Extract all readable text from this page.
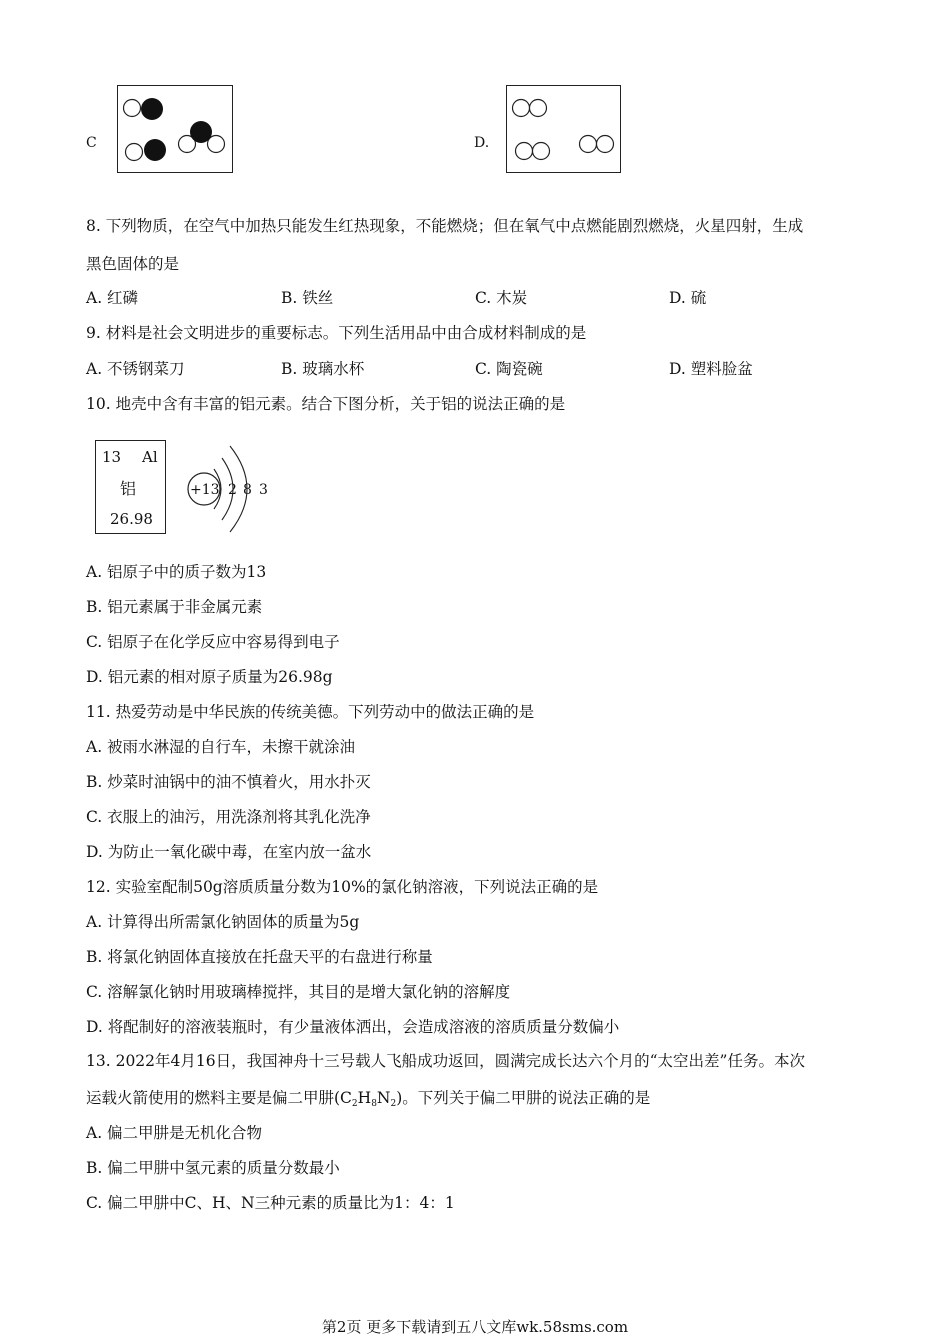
C	D.
8. 下列物质，在空气中加热只能发生红热现象，不能燃烧；但在氧气中点燃能剧烈燃烧，火星四射，生成
黑色固体的是
A. 红磷	B. 铁丝	C. 木炭	D. 硫
9. 材料是社会文明进步的重要标志。下列生活用品中由合成材料制成的是
A. 不锈钢菜刀	B. 玻璃水杯	C. 陶瓷碗	D. 塑料脸盆
10. 地壳中含有丰富的铝元素。结合下图分析，关于铝的说法正确的是
13 Al
铝
26.98
+13 2 8 3
A. 铝原子中的质子数为13
B. 铝元素属于非金属元素
C. 铝原子在化学反应中容易得到电子
D. 铝元素的相对原子质量为26.98g
11. 热爱劳动是中华民族的传统美德。下列劳动中的做法正确的是
A. 被雨水淋湿的自行车，未擦干就涂油
B. 炒菜时油锅中的油不慎着火，用水扑灭
C. 衣服上的油污，用洗涤剂将其乳化洗净
D. 为防止一氧化碳中毒，在室内放一盆水
12. 实验室配制50g溶质质量分数为10%的氯化钠溶液，下列说法正确的是
A. 计算得出所需氯化钠固体的质量为5g
B. 将氯化钠固体直接放在托盘天平的右盘进行称量
C. 溶解氯化钠时用玻璃棒搅拌，其目的是增大氯化钠的溶解度
D. 将配制好的溶液装瓶时，有少量液体洒出，会造成溶液的溶质质量分数偏小
13. 2022年4月16日，我国神舟十三号载人飞船成功返回，圆满完成长达六个月的“太空出差”任务。本次
运载火箭使用的燃料主要是偏二甲肼$(C_2H_8N_2)$。下列关于偏二甲肼的说法正确的是
A. 偏二甲肼是无机化合物
B. 偏二甲肼中氢元素的质量分数最小
C. 偏二甲肼中C、H、N三种元素的质量比为1：4：1
第2页 更多下载请到五八文库wk.58sms.com
